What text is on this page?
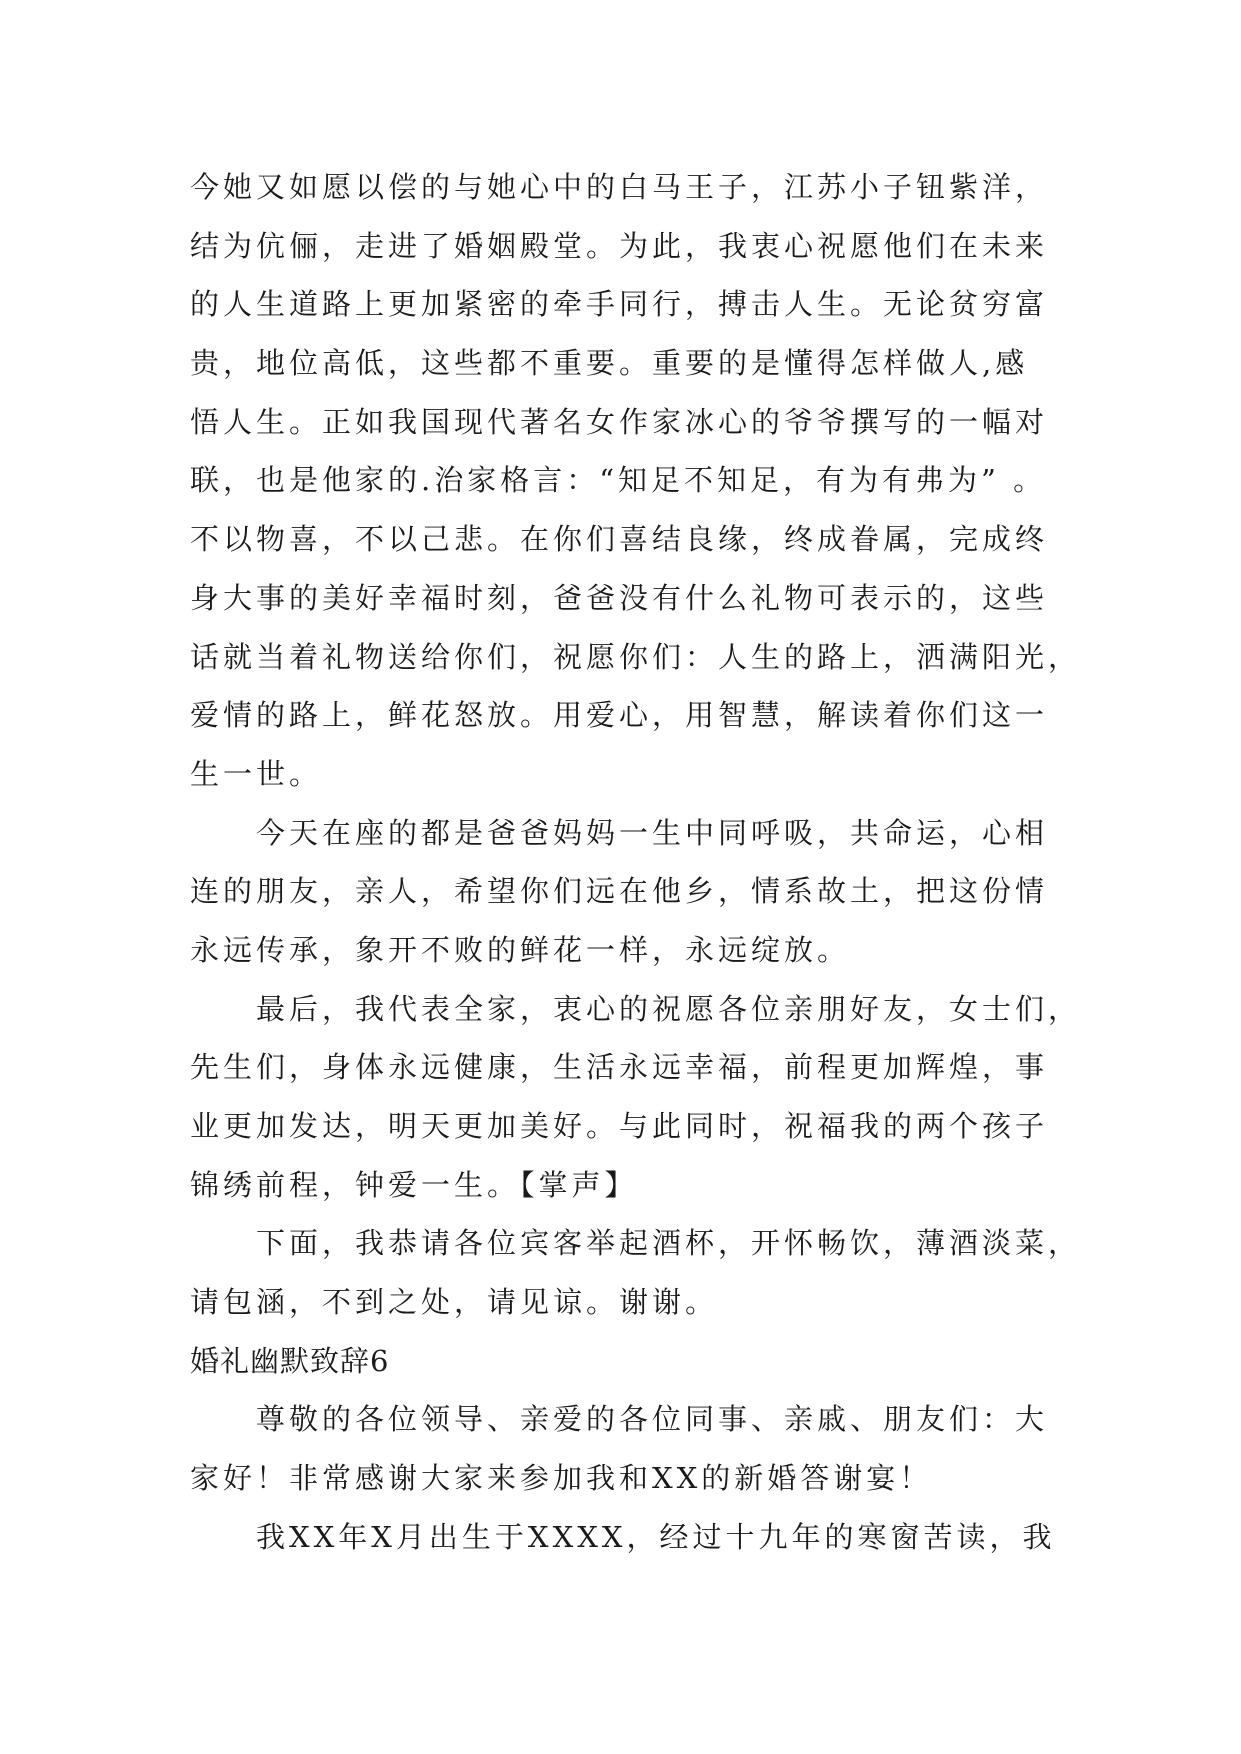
今她又如愿以偿的与她心中的白马王子，江苏小子钮紫洋，
结为伉俪，走进了婚姻殿堂。为此，我衷心祝愿他们在未来
的人生道路上更加紧密的牵手同行，搏击人生。无论贫穷富
贵，地位高低，这些都不重要。重要的是懂得怎样做人,感
悟人生。正如我国现代著名女作家冰心的爷爷撰写的一幅对
联，也是他家的.治家格言：“知足不知足，有为有弗为” 。
不以物喜，不以己悲。在你们喜结良缘，终成眷属，完成终
身大事的美好幸福时刻，爸爸没有什么礼物可表示的，这些
话就当着礼物送给你们，祝愿你们：人生的路上，洒满阳光，
爱情的路上，鲜花怒放。用爱心，用智慧，解读着你们这一
生一世。
今天在座的都是爸爸妈妈一生中同呼吸，共命运，心相
连的朋友，亲人，希望你们远在他乡，情系故土，把这份情
永远传承，象开不败的鲜花一样，永远绽放。
最后，我代表全家，衷心的祝愿各位亲朋好友，女士们，
先生们，身体永远健康，生活永远幸福，前程更加辉煌，事
业更加发达，明天更加美好。与此同时，祝福我的两个孩子
锦绣前程，钟爱一生。【掌声】
下面，我恭请各位宾客举起酒杯，开怀畅饮，薄酒淡菜，
请包涵，不到之处，请见谅。谢谢。
婚礼幽默致辞6
尊敬的各位领导、亲爱的各位同事、亲戚、朋友们：大
家好！非常感谢大家来参加我和XX的新婚答谢宴！
我XX年X月出生于XXXX，经过十九年的寒窗苦读，我
